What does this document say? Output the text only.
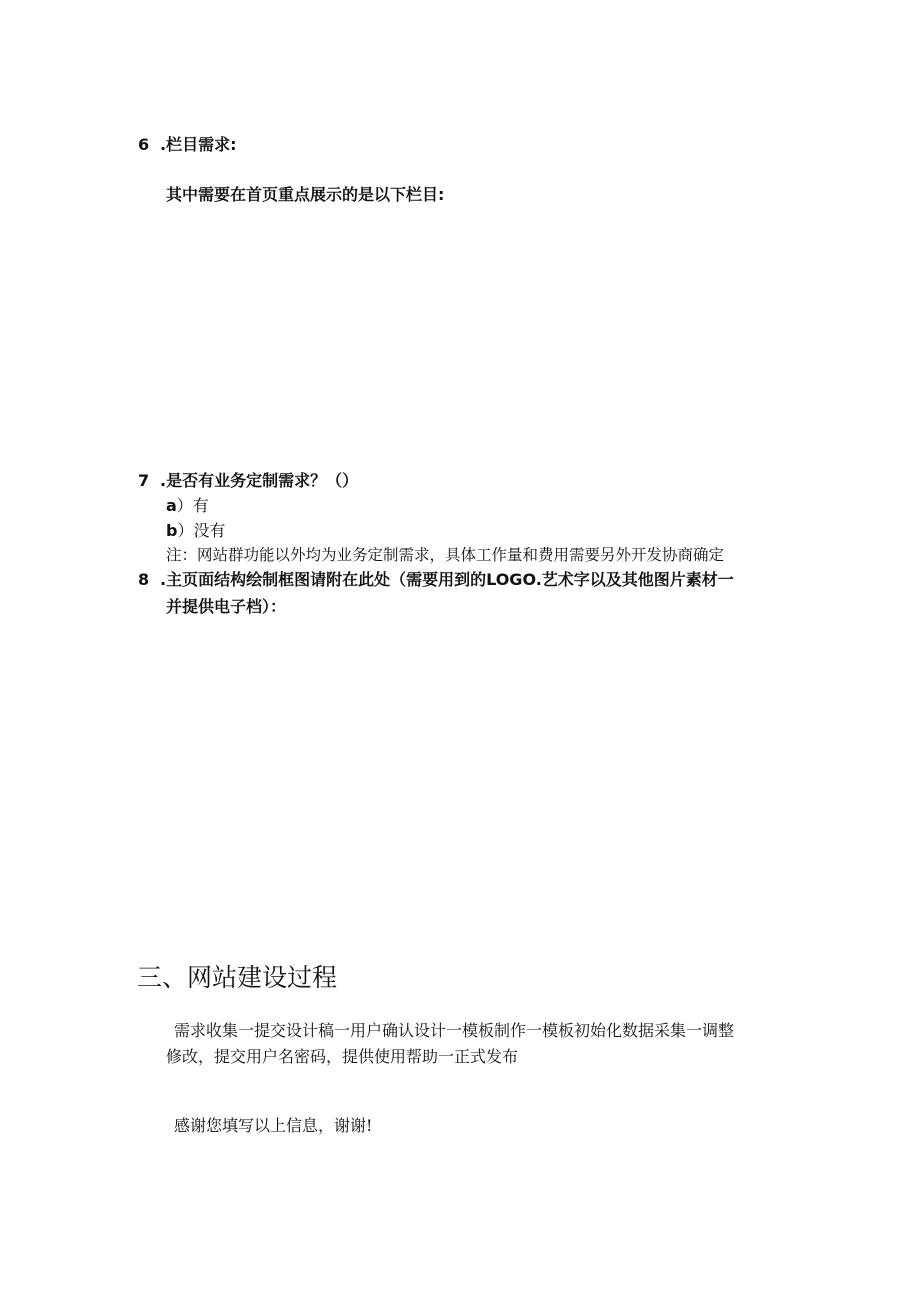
6 .栏目需求:
其中需要在首页重点展示的是以下栏目:
7 .是否有业务定制需求？（）
a）有
b）没有
注：网站群功能以外均为业务定制需求，具体工作量和费用需要另外开发协商确定
8 .主页面结构绘制框图请附在此处（需要用到的LOGO.艺术字以及其他图片素材一
并提供电子档）：
三、网站建设过程
需求收集一提交设计稿一用户确认设计一模板制作一模板初始化数据采集一调整
修改，提交用户名密码，提供使用帮助一正式发布
感谢您填写以上信息，谢谢!
